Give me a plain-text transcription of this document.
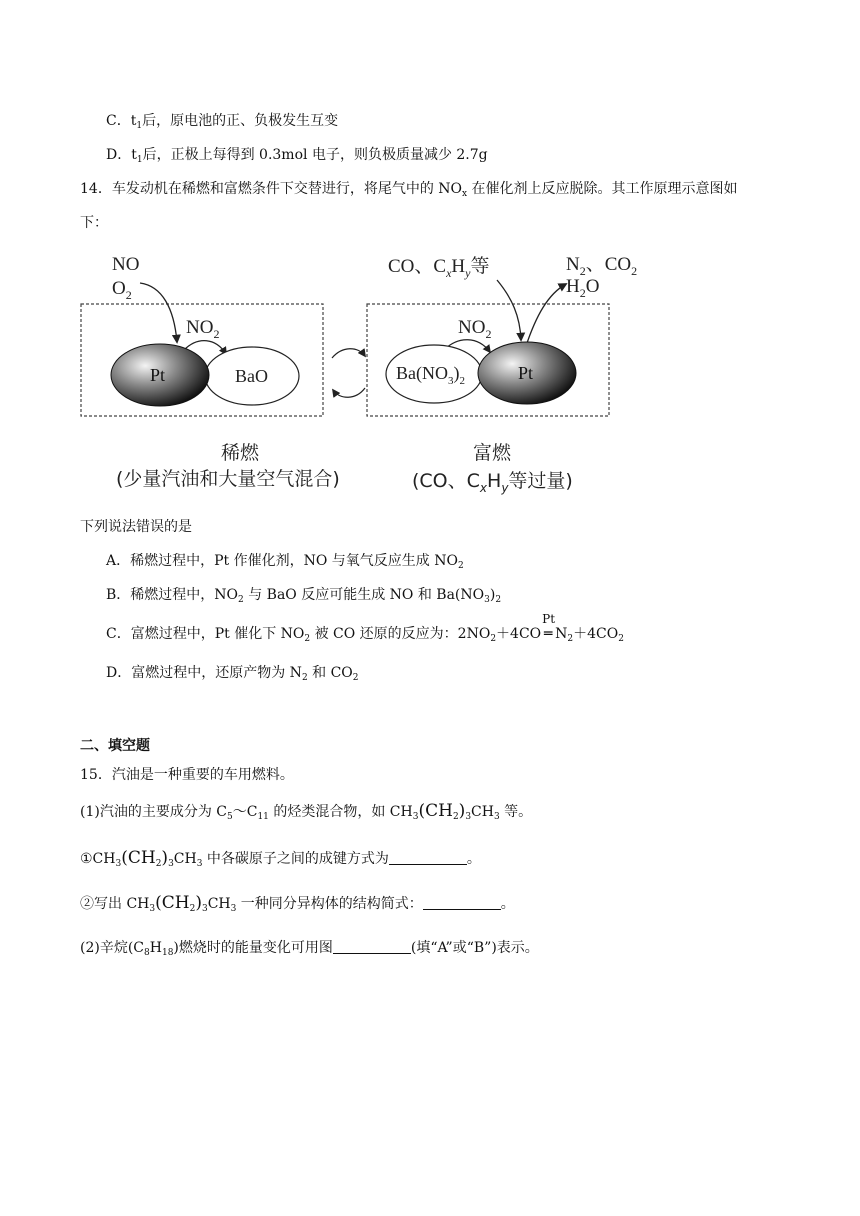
C．$t_1$后，原电池的正、负极发生互变
D．$t_1$后，正极上每得到 0.3mol 电子，则负极质量减少 2.7g
14．车发动机在稀燃和富燃条件下交替进行，将尾气中的 $NO_x$ 在催化剂上反应脱除。其工作原理示意图如
下：
NO
$O_2$
$NO_2$
BaO
Pt
CO、$C_xH_y$等	$N_2$、$CO_2$
$H_2O$
$NO_2$
$Ba(NO_3)_2$	Pt
稀燃
(少量汽油和大量空气混合)
富燃
(CO、$C_xH_y$等过量)
下列说法错误的是
A．稀燃过程中，Pt 作催化剂，NO 与氧气反应生成 $NO_2$
B．稀燃过程中，$NO_2$ 与 BaO 反应可能生成 NO 和 $Ba(NO_3)_2$
C．富燃过程中，Pt 催化下 $NO_2$ 被 CO 还原的反应为：$2NO_2+4CO$
Pt
═ $N_2+4CO_2$
D．富燃过程中，还原产物为 $N_2$ 和 $CO_2$
二、填空题
15．汽油是一种重要的车用燃料。
(1)汽油的主要成分为 $C_5\sim C_{11}$ 的烃类混合物，如 $CH_3(CH_2)_3CH_3$ 等。
$①CH_3(CH_2)_3CH_3$ 中各碳原子之间的成键方式为	。
②写出 $CH_3(CH_2)_3CH_3$ 一种同分异构体的结构简式：	。
(2)辛烷$(C_8H_{18})$燃烧时的能量变化可用图	(填“A”或“B”)表示。
